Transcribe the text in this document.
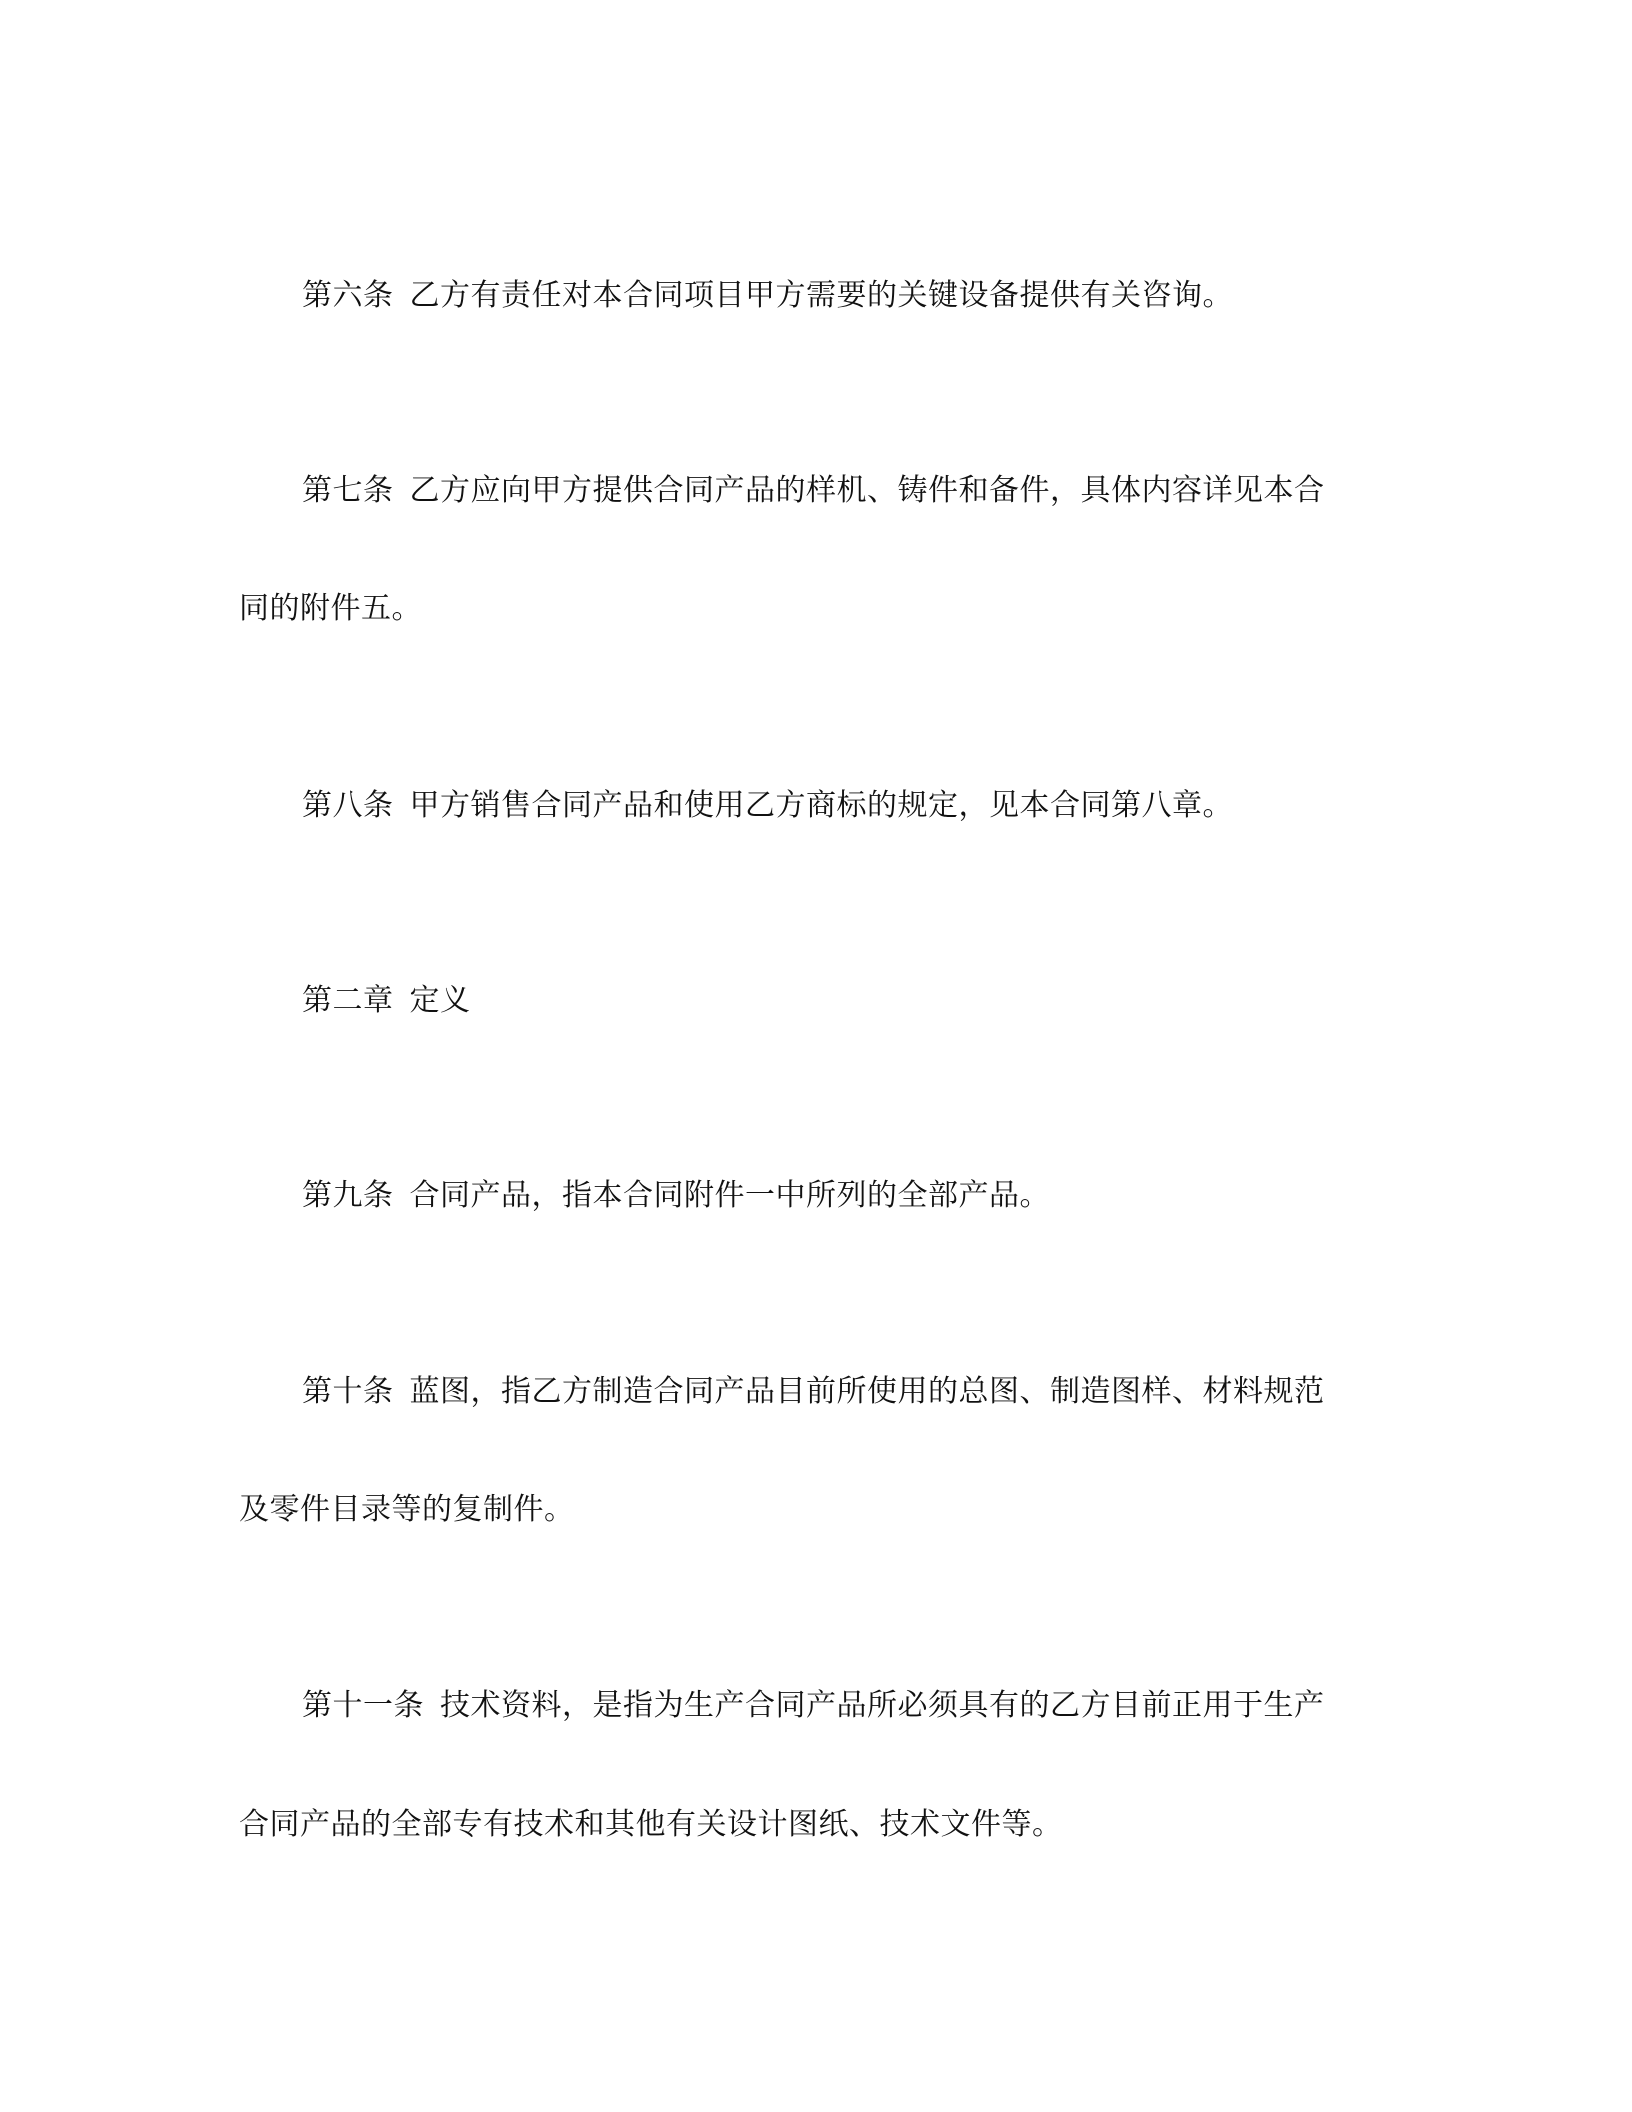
第六条 乙方有责任对本合同项目甲方需要的关键设备提供有关咨询。
第七条 乙方应向甲方提供合同产品的样机、铸件和备件，具体内容详见本合
同的附件五。
第八条 甲方销售合同产品和使用乙方商标的规定，见本合同第八章。
第二章 定义
第九条 合同产品，指本合同附件一中所列的全部产品。
第十条 蓝图，指乙方制造合同产品目前所使用的总图、制造图样、材料规范
及零件目录等的复制件。
第十一条 技术资料，是指为生产合同产品所必须具有的乙方目前正用于生产
合同产品的全部专有技术和其他有关设计图纸、技术文件等。
